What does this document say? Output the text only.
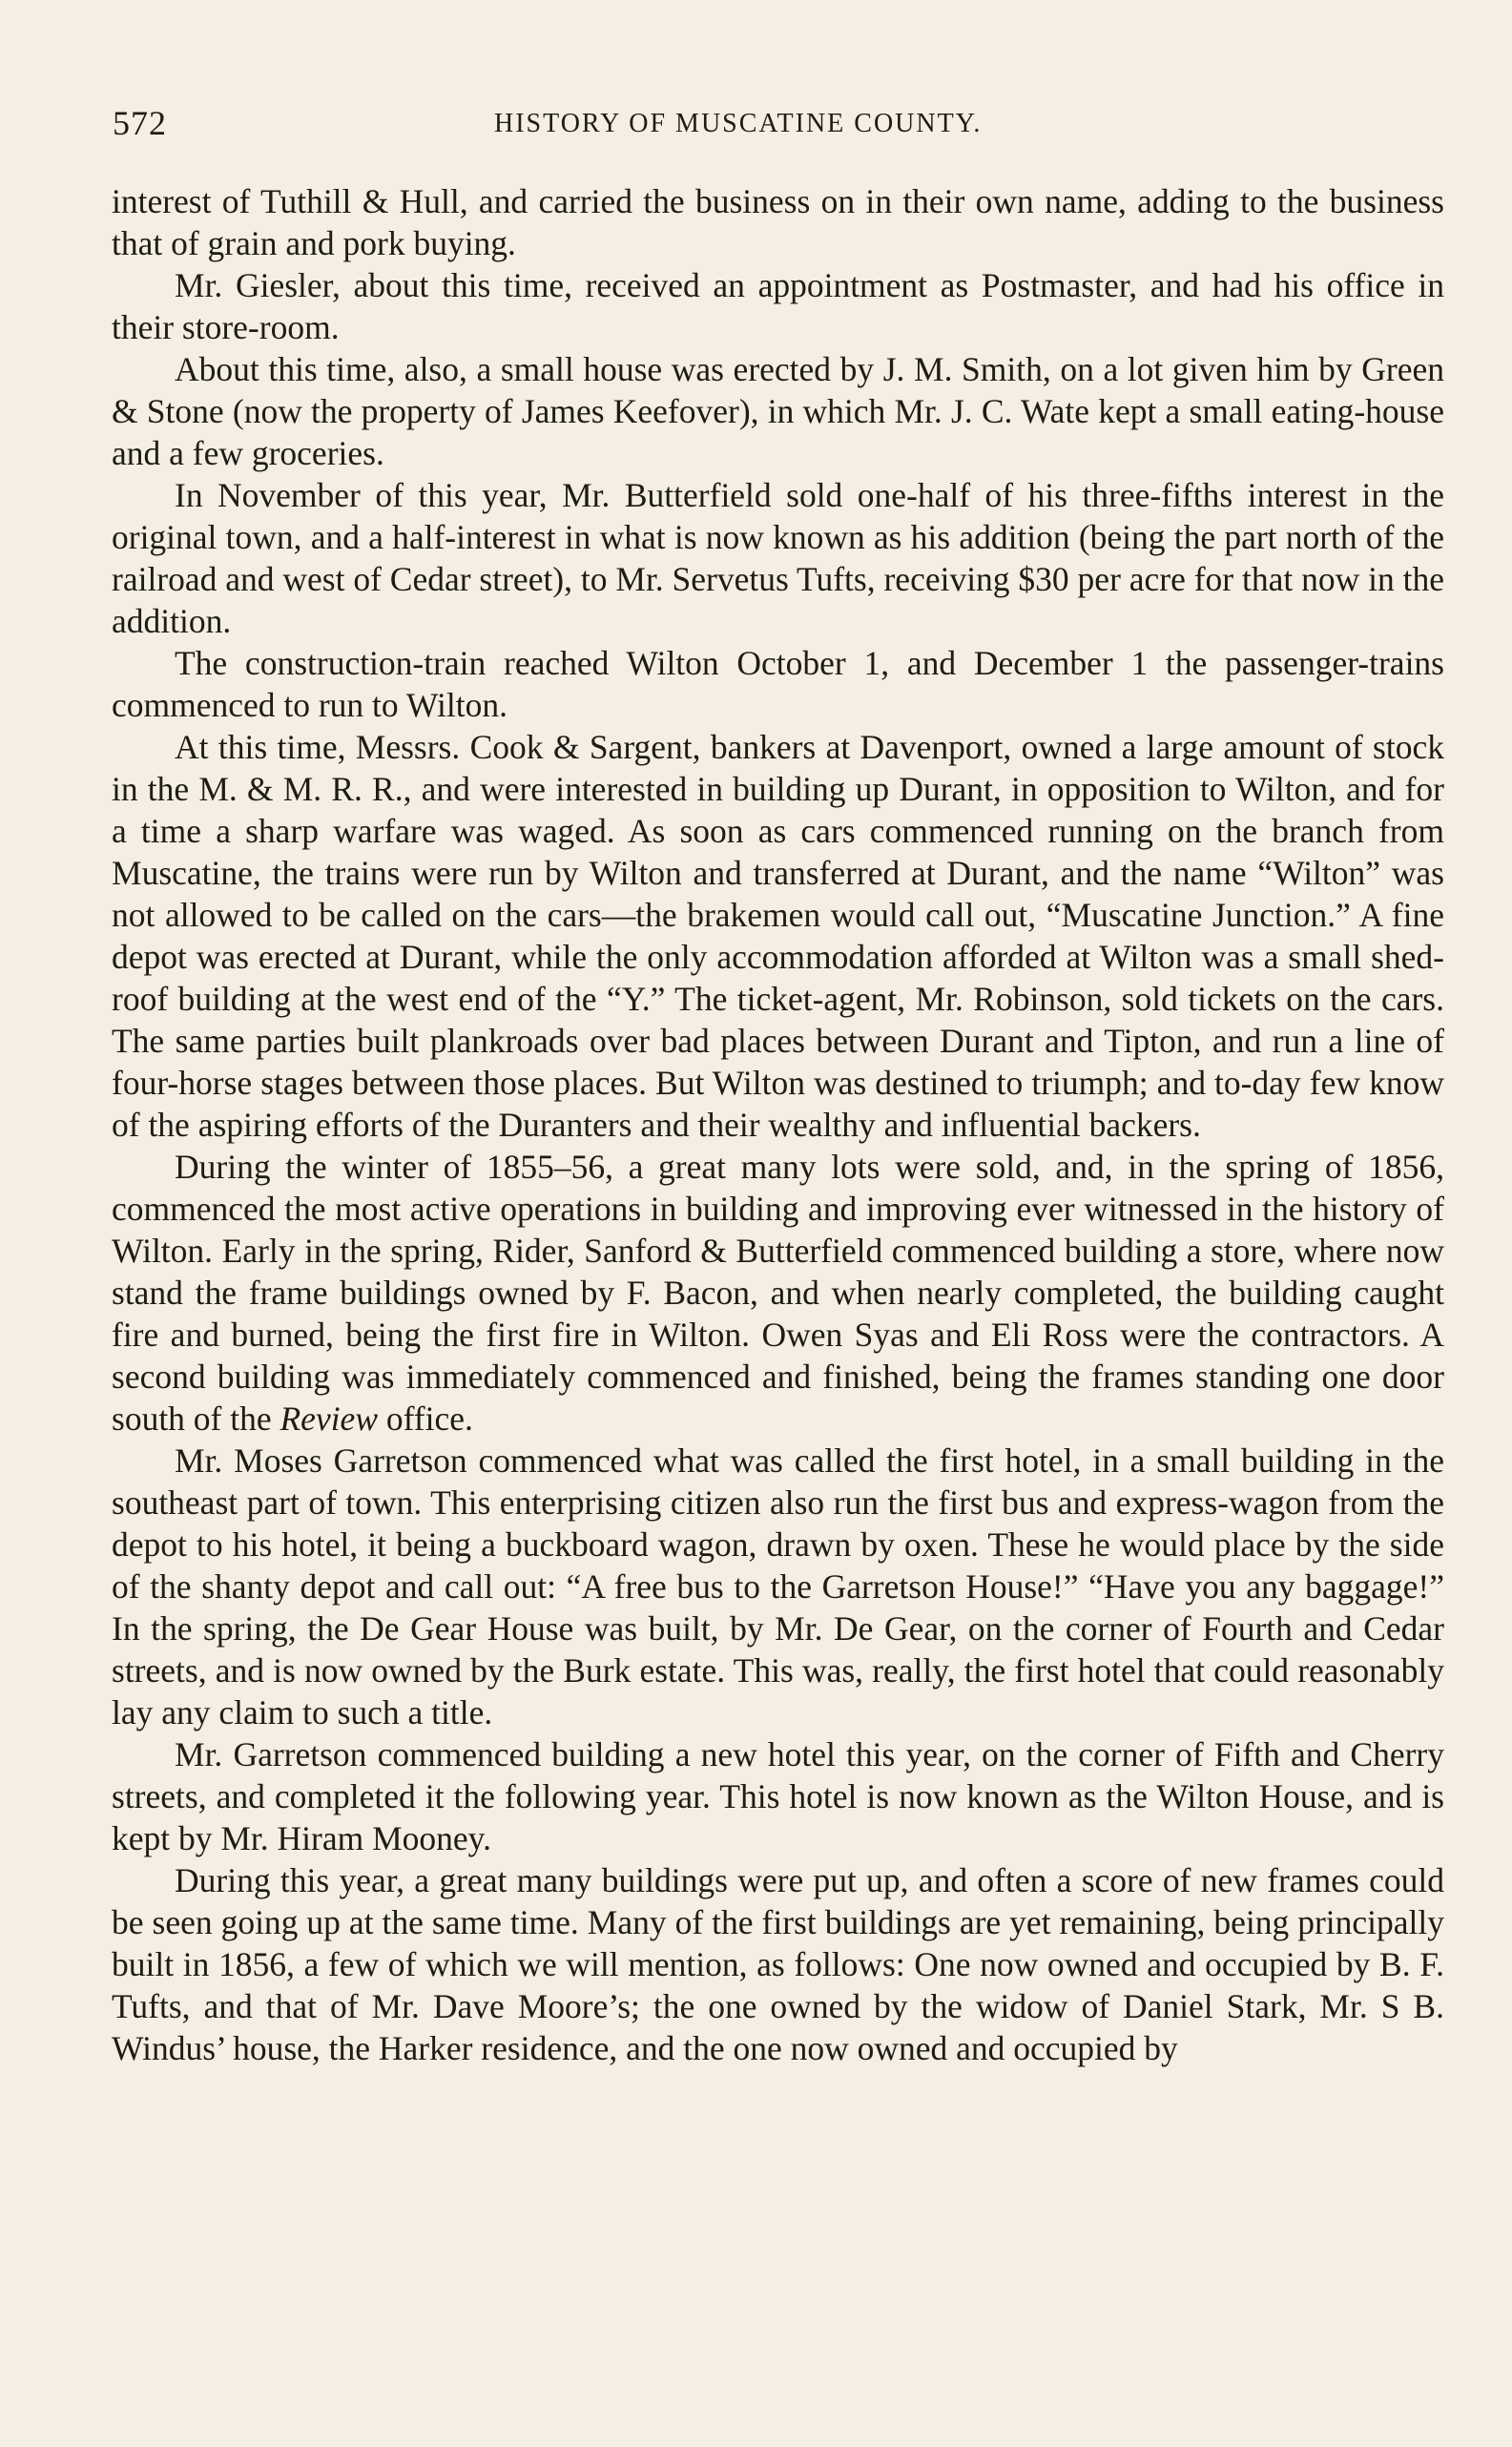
572	HISTORY OF MUSCATINE COUNTY.

interest of Tuthill & Hull, and carried the business on in their own name, adding to the business that of grain and pork buying.

Mr. Giesler, about this time, received an appointment as Postmaster, and had his office in their store-room.

About this time, also, a small house was erected by J. M. Smith, on a lot given him by Green & Stone (now the property of James Keefover), in which Mr. J. C. Wate kept a small eating-house and a few groceries.

In November of this year, Mr. Butterfield sold one-half of his three-fifths interest in the original town, and a half-interest in what is now known as his addition (being the part north of the railroad and west of Cedar street), to Mr. Servetus Tufts, receiving $30 per acre for that now in the addition.

The construction-train reached Wilton October 1, and December 1 the passenger-trains commenced to run to Wilton.

At this time, Messrs. Cook & Sargent, bankers at Davenport, owned a large amount of stock in the M. & M. R. R., and were interested in building up Durant, in opposition to Wilton, and for a time a sharp warfare was waged. As soon as cars commenced running on the branch from Muscatine, the trains were run by Wilton and transferred at Durant, and the name “Wilton” was not allowed to be called on the cars—the brakemen would call out, “Muscatine Junction.” A fine depot was erected at Durant, while the only accommodation afforded at Wilton was a small shed-roof building at the west end of the “Y.” The ticket-agent, Mr. Robinson, sold tickets on the cars. The same parties built plankroads over bad places between Durant and Tipton, and run a line of four-horse stages between those places. But Wilton was destined to triumph; and to-day few know of the aspiring efforts of the Duranters and their wealthy and influential backers.

During the winter of 1855–56, a great many lots were sold, and, in the spring of 1856, commenced the most active operations in building and improving ever witnessed in the history of Wilton. Early in the spring, Rider, Sanford & Butterfield commenced building a store, where now stand the frame buildings owned by F. Bacon, and when nearly completed, the building caught fire and burned, being the first fire in Wilton. Owen Syas and Eli Ross were the contractors. A second building was immediately commenced and finished, being the frames standing one door south of the Review office.

Mr. Moses Garretson commenced what was called the first hotel, in a small building in the southeast part of town. This enterprising citizen also run the first bus and express-wagon from the depot to his hotel, it being a buckboard wagon, drawn by oxen. These he would place by the side of the shanty depot and call out: “A free bus to the Garretson House!” “Have you any baggage!” In the spring, the De Gear House was built, by Mr. De Gear, on the corner of Fourth and Cedar streets, and is now owned by the Burk estate. This was, really, the first hotel that could reasonably lay any claim to such a title.

Mr. Garretson commenced building a new hotel this year, on the corner of Fifth and Cherry streets, and completed it the following year. This hotel is now known as the Wilton House, and is kept by Mr. Hiram Mooney.

During this year, a great many buildings were put up, and often a score of new frames could be seen going up at the same time. Many of the first buildings are yet remaining, being principally built in 1856, a few of which we will mention, as follows: One now owned and occupied by B. F. Tufts, and that of Mr. Dave Moore’s; the one owned by the widow of Daniel Stark, Mr. S B. Windus’ house, the Harker residence, and the one now owned and occupied by
